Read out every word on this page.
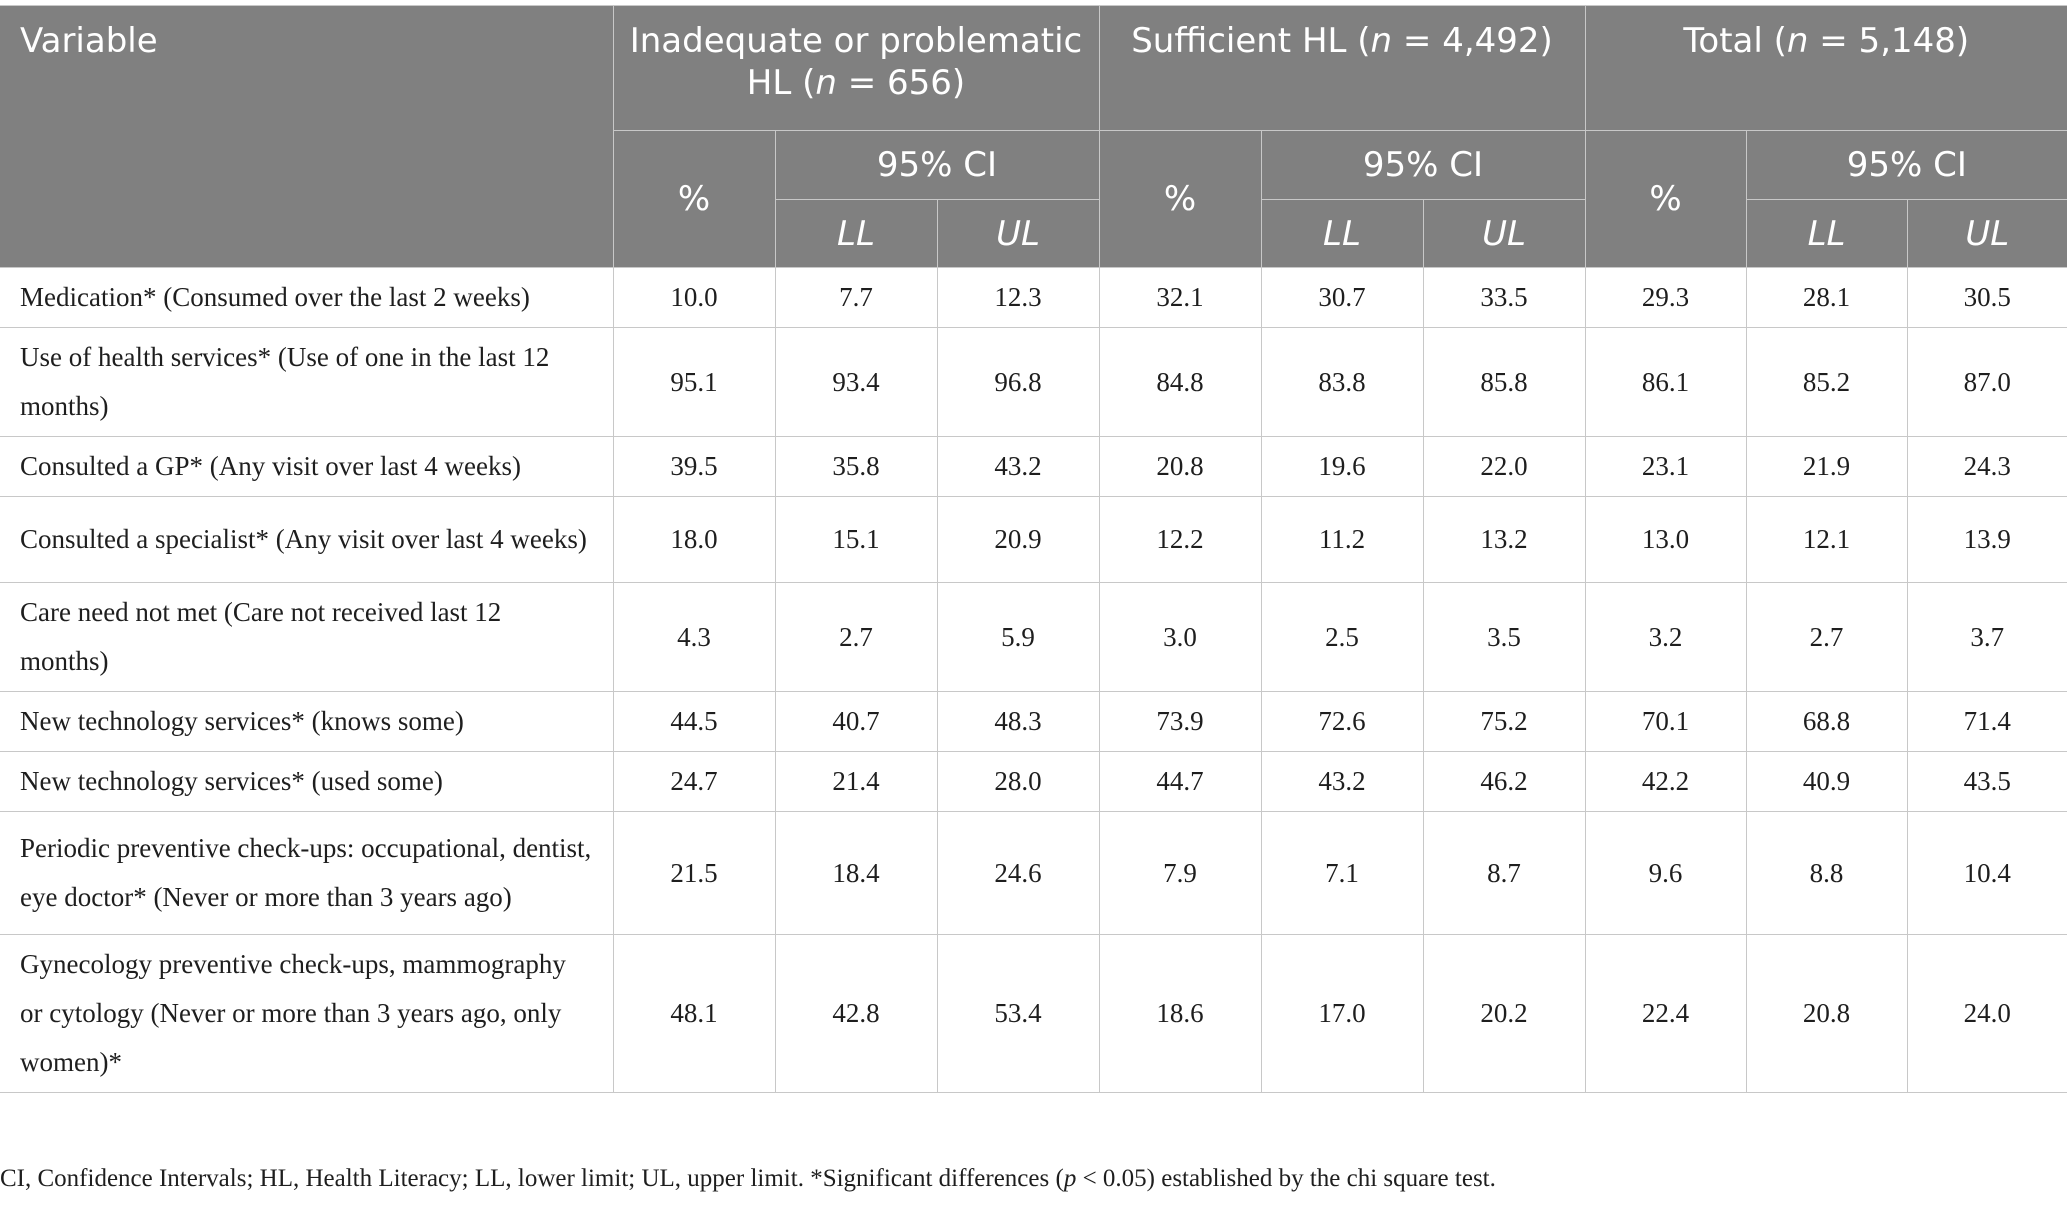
Variable	Inadequate or problematic HL (n = 656)			Sufficient HL (n = 4,492)			Total (n = 5,148)		
	%	95% CI		%	95% CI		%	95% CI	
		LL	UL		LL	UL		LL	UL
Medication* (Consumed over the last 2 weeks)	10.0	7.7	12.3	32.1	30.7	33.5	29.3	28.1	30.5
Use of health services* (Use of one in the last 12 months)	95.1	93.4	96.8	84.8	83.8	85.8	86.1	85.2	87.0
Consulted a GP* (Any visit over last 4 weeks)	39.5	35.8	43.2	20.8	19.6	22.0	23.1	21.9	24.3
Consulted a specialist* (Any visit over last 4 weeks)	18.0	15.1	20.9	12.2	11.2	13.2	13.0	12.1	13.9
Care need not met (Care not received last 12 months)	4.3	2.7	5.9	3.0	2.5	3.5	3.2	2.7	3.7
New technology services* (knows some)	44.5	40.7	48.3	73.9	72.6	75.2	70.1	68.8	71.4
New technology services* (used some)	24.7	21.4	28.0	44.7	43.2	46.2	42.2	40.9	43.5
Periodic preventive check-ups: occupational, dentist, eye doctor* (Never or more than 3 years ago)	21.5	18.4	24.6	7.9	7.1	8.7	9.6	8.8	10.4
Gynecology preventive check-ups, mammography or cytology (Never or more than 3 years ago, only women)*	48.1	42.8	53.4	18.6	17.0	20.2	22.4	20.8	24.0
CI, Confidence Intervals; HL, Health Literacy; LL, lower limit; UL, upper limit. *Significant differences (p < 0.05) established by the chi square test.
